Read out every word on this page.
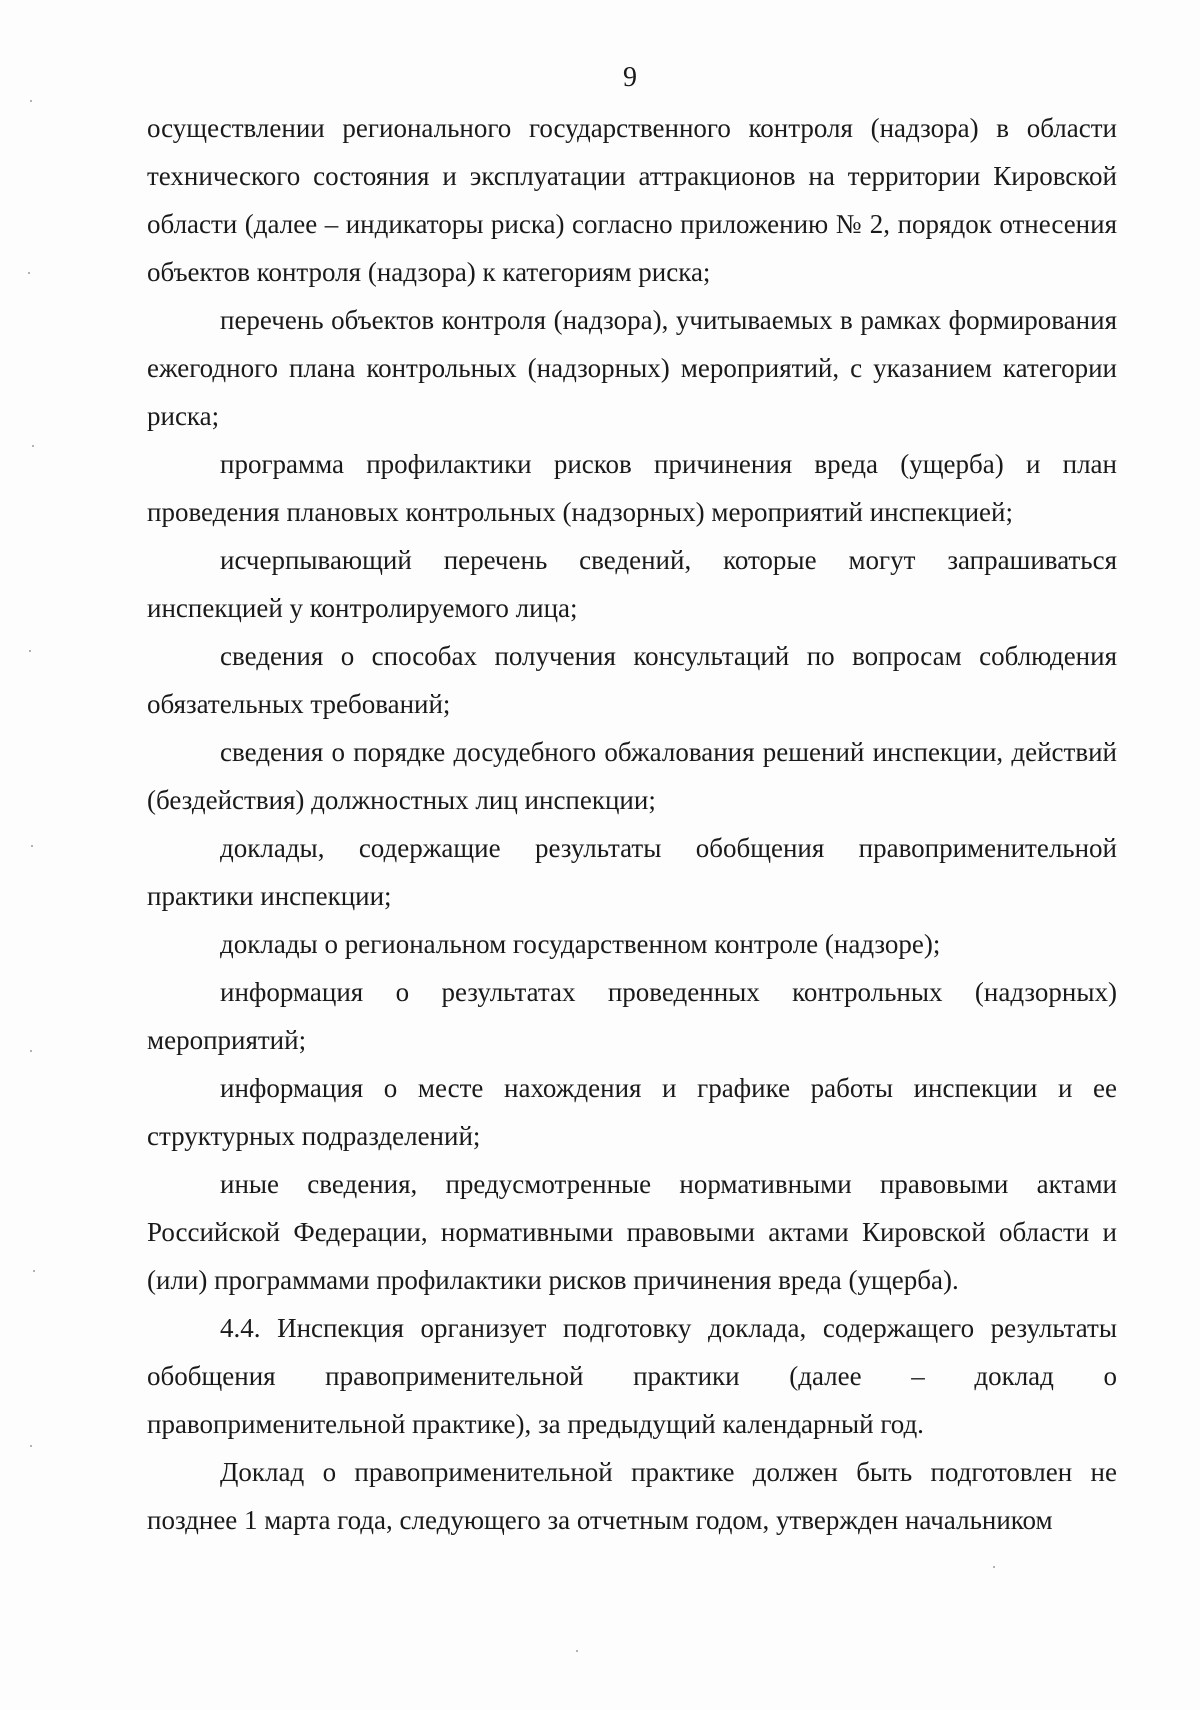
9

осуществлении регионального государственного контроля (надзора) в области технического состояния и эксплуатации аттракционов на территории Кировской области (далее – индикаторы риска) согласно приложению № 2, порядок отнесения объектов контроля (надзора) к категориям риска;

перечень объектов контроля (надзора), учитываемых в рамках формирования ежегодного плана контрольных (надзорных) мероприятий, с указанием категории риска;

программа профилактики рисков причинения вреда (ущерба) и план проведения плановых контрольных (надзорных) мероприятий инспекцией;

исчерпывающий перечень сведений, которые могут запрашиваться инспекцией у контролируемого лица;

сведения о способах получения консультаций по вопросам соблюдения обязательных требований;

сведения о порядке досудебного обжалования решений инспекции, действий (бездействия) должностных лиц инспекции;

доклады, содержащие результаты обобщения правоприменительной практики инспекции;

доклады о региональном государственном контроле (надзоре);

информация о результатах проведенных контрольных (надзорных) мероприятий;

информация о месте нахождения и графике работы инспекции и ее структурных подразделений;

иные сведения, предусмотренные нормативными правовыми актами Российской Федерации, нормативными правовыми актами Кировской области и (или) программами профилактики рисков причинения вреда (ущерба).

4.4. Инспекция организует подготовку доклада, содержащего результаты обобщения правоприменительной практики (далее – доклад о правоприменительной практике), за предыдущий календарный год.

Доклад о правоприменительной практике должен быть подготовлен не позднее 1 марта года, следующего за отчетным годом, утвержден начальником
